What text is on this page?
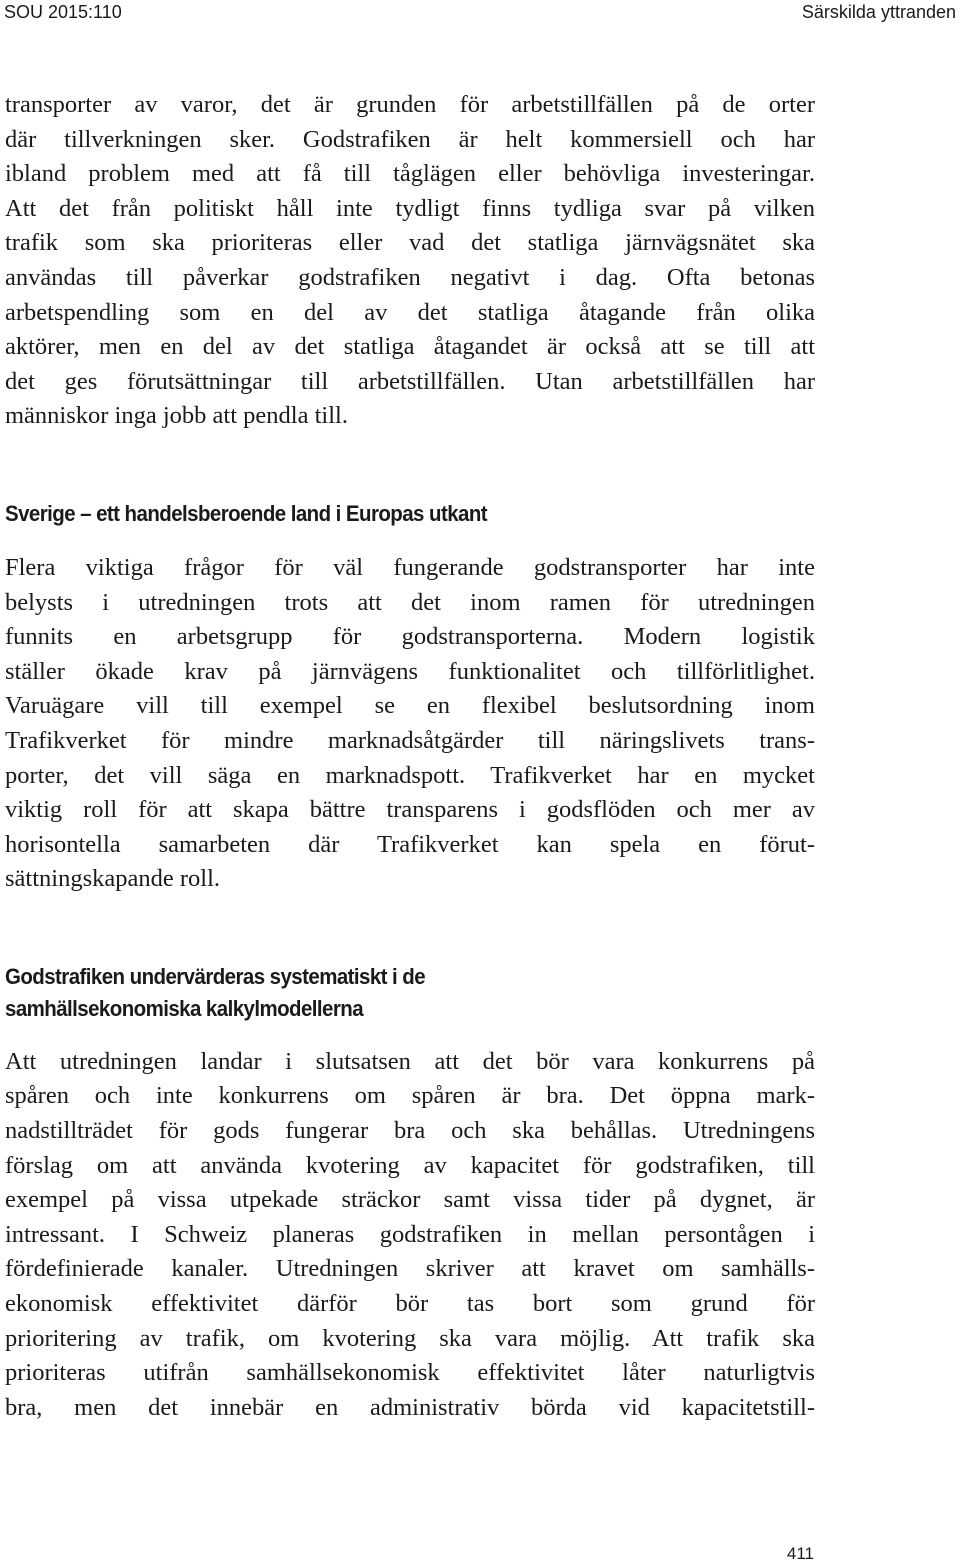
SOU 2015:110	Särskilda yttranden
transporter av varor, det är grunden för arbetstillfällen på de orter
där tillverkningen sker. Godstrafiken är helt kommersiell och har
ibland problem med att få till tåglägen eller behövliga investeringar.
Att det från politiskt håll inte tydligt finns tydliga svar på vilken
trafik som ska prioriteras eller vad det statliga järnvägsnätet ska
användas till påverkar godstrafiken negativt i dag. Ofta betonas
arbetspendling som en del av det statliga åtagande från olika
aktörer, men en del av det statliga åtagandet är också att se till att
det ges förutsättningar till arbetstillfällen. Utan arbetstillfällen har
människor inga jobb att pendla till.
Sverige – ett handelsberoende land i Europas utkant
Flera viktiga frågor för väl fungerande godstransporter har inte
belysts i utredningen trots att det inom ramen för utredningen
funnits en arbetsgrupp för godstransporterna. Modern logistik
ställer ökade krav på järnvägens funktionalitet och tillförlitlighet.
Varuägare vill till exempel se en flexibel beslutsordning inom
Trafikverket för mindre marknadsåtgärder till näringslivets trans-
porter, det vill säga en marknadspott. Trafikverket har en mycket
viktig roll för att skapa bättre transparens i godsflöden och mer av
horisontella samarbeten där Trafikverket kan spela en förut-
sättningskapande roll.
Godstrafiken undervärderas systematiskt i de
samhällsekonomiska kalkylmodellerna
Att utredningen landar i slutsatsen att det bör vara konkurrens på
spåren och inte konkurrens om spåren är bra. Det öppna mark-
nadstillträdet för gods fungerar bra och ska behållas. Utredningens
förslag om att använda kvotering av kapacitet för godstrafiken, till
exempel på vissa utpekade sträckor samt vissa tider på dygnet, är
intressant. I Schweiz planeras godstrafiken in mellan persontågen i
fördefinierade kanaler. Utredningen skriver att kravet om samhälls-
ekonomisk effektivitet därför bör tas bort som grund för
prioritering av trafik, om kvotering ska vara möjlig. Att trafik ska
prioriteras utifrån samhällsekonomisk effektivitet låter naturligtvis
bra, men det innebär en administrativ börda vid kapacitetstill-
411
